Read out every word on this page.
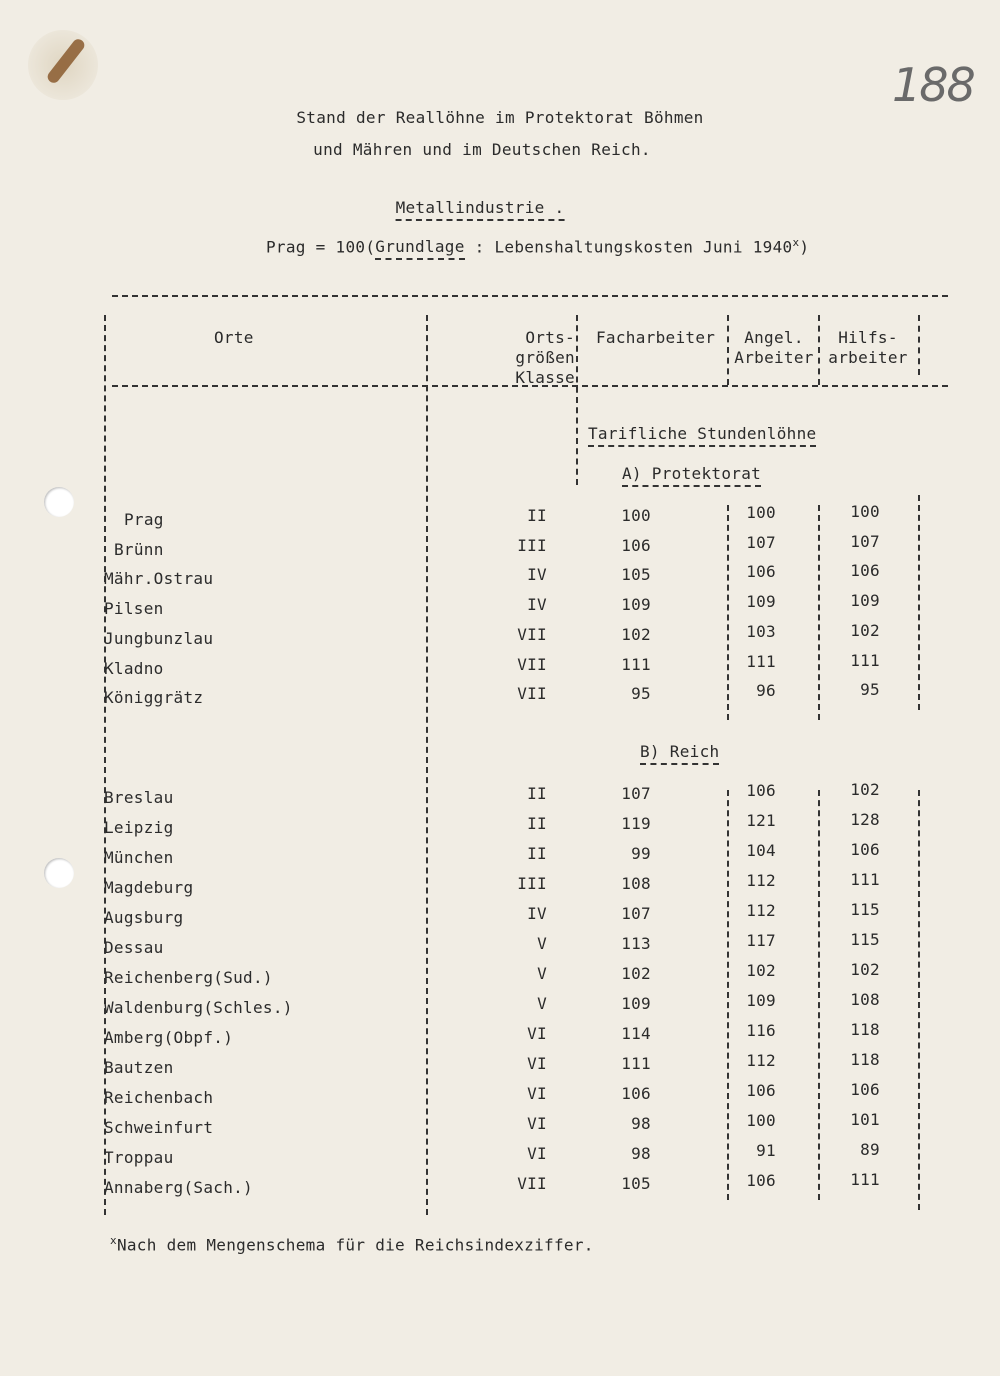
188
Stand der Reallöhne im Protektorat Böhmen
und Mähren und im Deutschen Reich.
Metallindustrie .
Prag = 100(Grundlage : Lebenshaltungskosten Juni 1940$^x$)
Orte	Orts-
größen
Klasse
Facharbeiter	Angel.
Arbeiter
Hilfs-
arbeiter
Tarifliche Stundenlöhne
A) Protektorat
B) Reich
Prag	II	100	100	100
Brünn	III	106	107	107
Mähr.Ostrau	IV	105	106	106
Pilsen	IV	109	109	109
Jungbunzlau	VII	102	103	102
Kladno	VII	111	111	111
Königgrätz	VII	95	96	95
Breslau	II	107	106	102
Leipzig	II	119	121	128
München	II	99	104	106
Magdeburg	III	108	112	111
Augsburg	IV	107	112	115
Dessau	V	113	117	115
Reichenberg(Sud.)	V	102	102	102
Waldenburg(Schles.)	V	109	109	108
Amberg(Obpf.)	VI	114	116	118
Bautzen	VI	111	112	118
Reichenbach	VI	106	106	106
Schweinfurt	VI	98	100	101
Troppau	VI	98	91	89
Annaberg(Sach.)	VII	105	106	111
$^x$Nach dem Mengenschema für die Reichsindexziffer.
